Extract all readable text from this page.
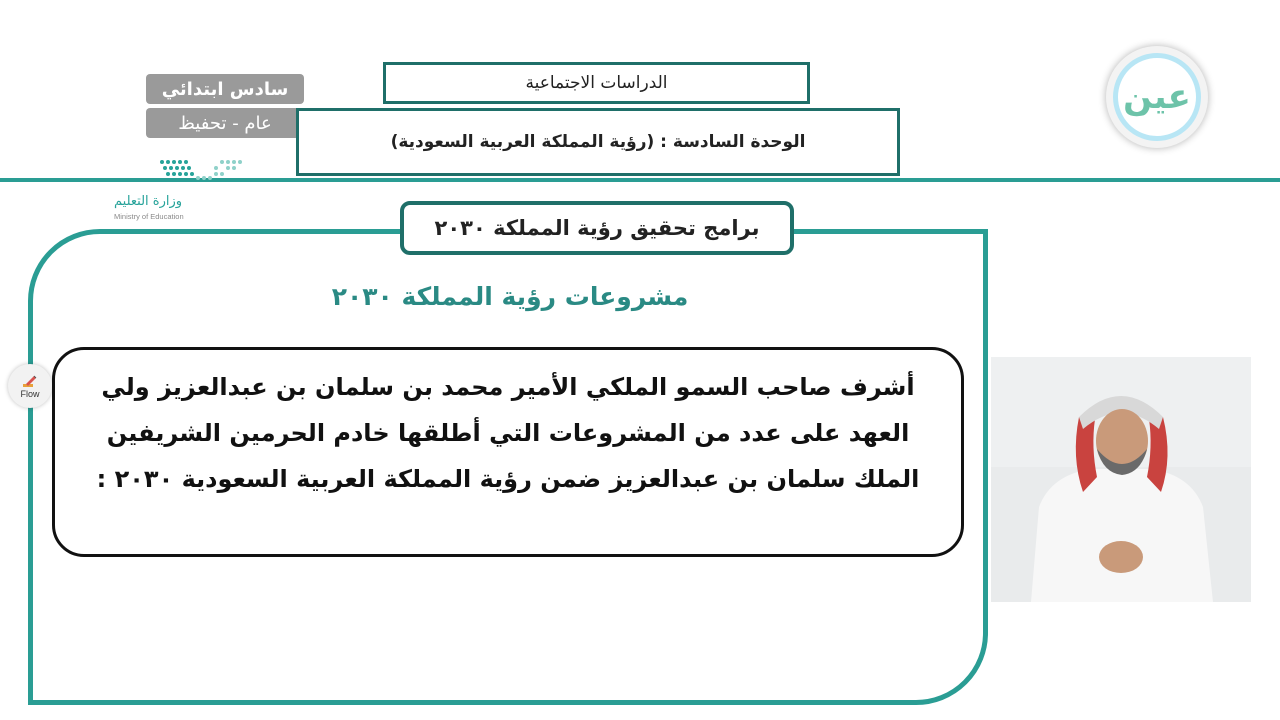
سادس ابتدائي
عام - تحفيظ
وزارة التعليم
Ministry of Education
الدراسات الاجتماعية
الوحدة السادسة : (رؤية المملكة العربية السعودية)
عين
برامج تحقيق رؤية المملكة ٢٠٣٠
مشروعات رؤية المملكة ٢٠٣٠
أشرف صاحب السمو الملكي الأمير محمد بن سلمان بن عبدالعزيز ولي العهد على عدد من المشروعات التي أطلقها خادم الحرمين الشريفين الملك سلمان بن عبدالعزيز ضمن رؤية المملكة العربية السعودية ٢٠٣٠ :
Flow
